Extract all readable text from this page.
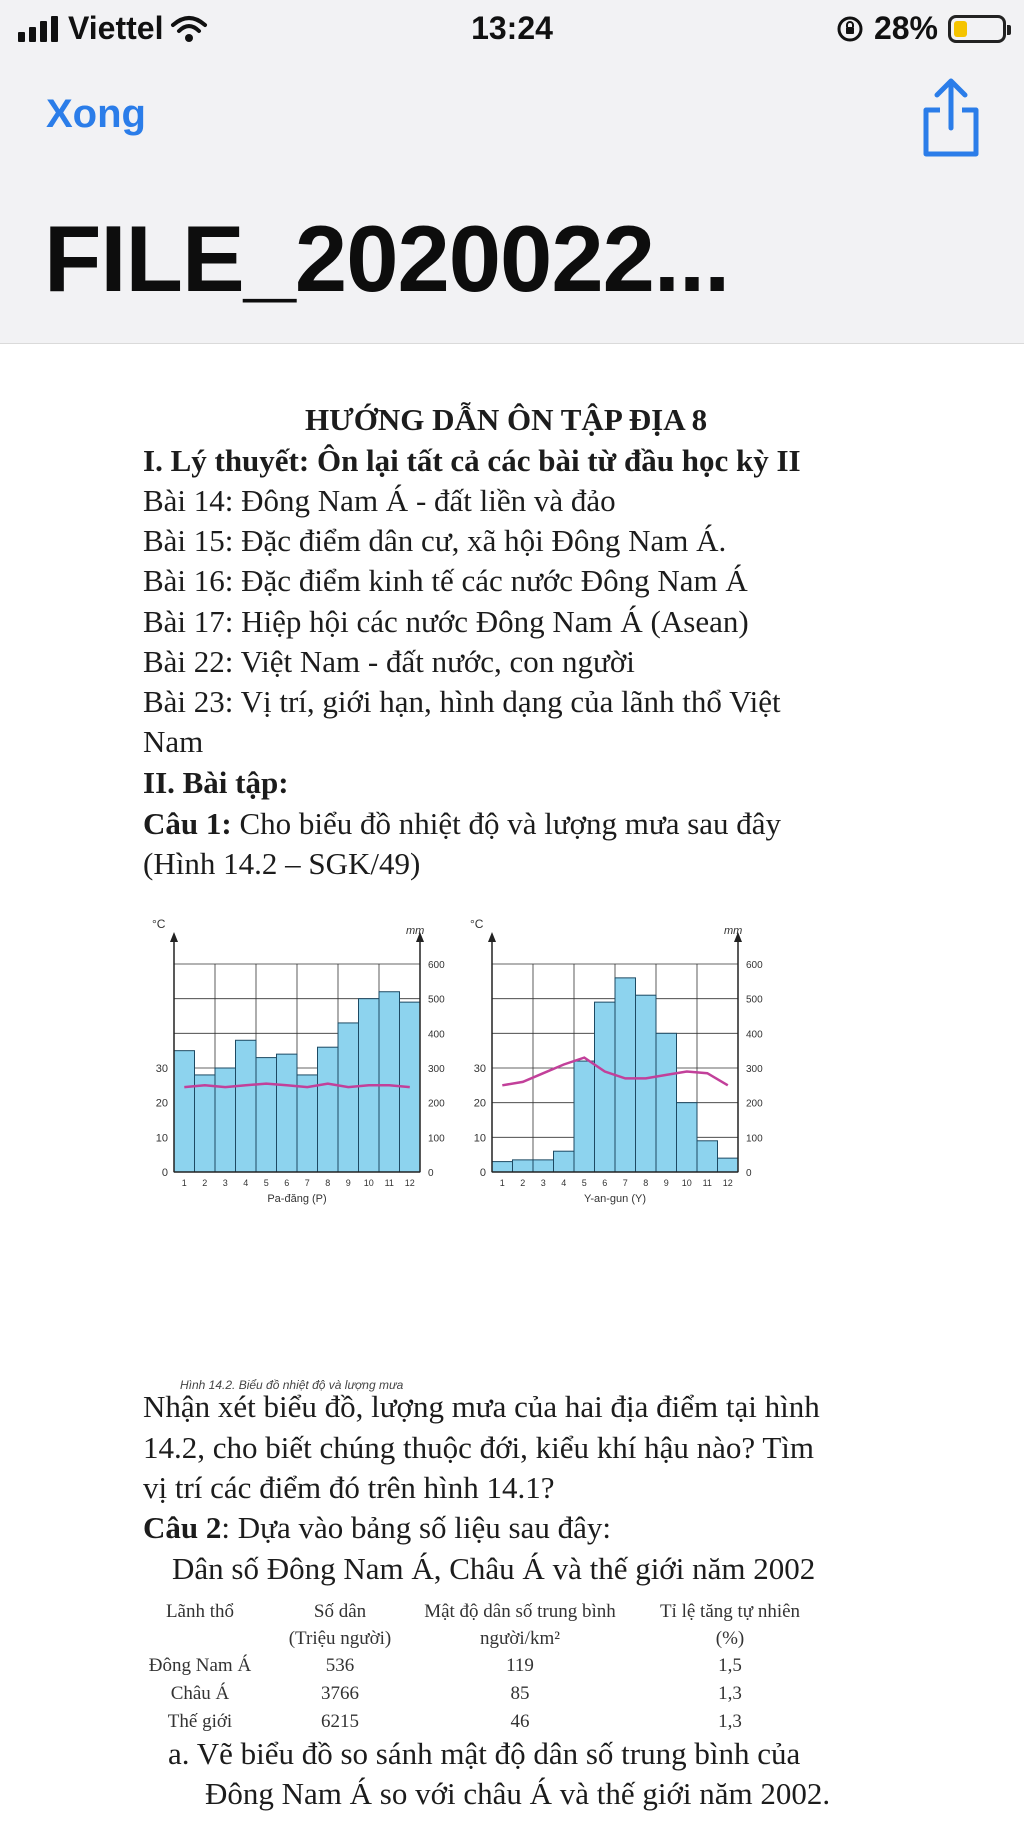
Viettel	13:24	28%
Xong
FILE_2020022...
HƯỚNG DẪN ÔN TẬP ĐỊA 8
I. Lý thuyết: Ôn lại tất cả các bài từ đầu học kỳ II
Bài 14: Đông Nam Á - đất liền và đảo
Bài 15: Đặc điểm dân cư, xã hội Đông Nam Á.
Bài 16: Đặc điểm kinh tế các nước Đông Nam Á
Bài 17: Hiệp hội các nước Đông Nam Á (Asean)
Bài 22: Việt Nam - đất nước, con người
Bài 23: Vị trí, giới hạn, hình dạng của lãnh thổ Việt
Nam
II. Bài tập:
Câu 1: Cho biểu đồ nhiệt độ và lượng mưa sau đây
(Hình 14.2 – SGK/49)
°C	mm
0
10
20
30
0
100
200
300
400
500
600
1 2 3 4 5 6 7 8 9 10 11 12
Pa-đăng (P)
°C	mm
0
10
20
30
0
100
200
300
400
500
600
1 2 3 4 5 6 7 8 9 10 11 12
Y-an-gun (Y)
Hình 14.2. Biểu đồ nhiệt độ và lượng mưa
Nhận xét biểu đồ, lượng mưa của hai địa điểm tại hình
14.2, cho biết chúng thuộc đới, kiểu khí hậu nào? Tìm
vị trí các điểm đó trên hình 14.1?
Câu 2: Dựa vào bảng số liệu sau đây:
Dân số Đông Nam Á, Châu Á và thế giới năm 2002
Lãnh thổ	Số dân	Mật độ dân số trung bình	Tỉ lệ tăng tự nhiên
(Triệu người)	người/km²	(%)
Đông Nam Á	536	119	1,5
Châu Á	3766	85	1,3
Thế giới	6215	46	1,3
a. Vẽ biểu đồ so sánh mật độ dân số trung bình của
Đông Nam Á so với châu Á và thế giới năm 2002.
